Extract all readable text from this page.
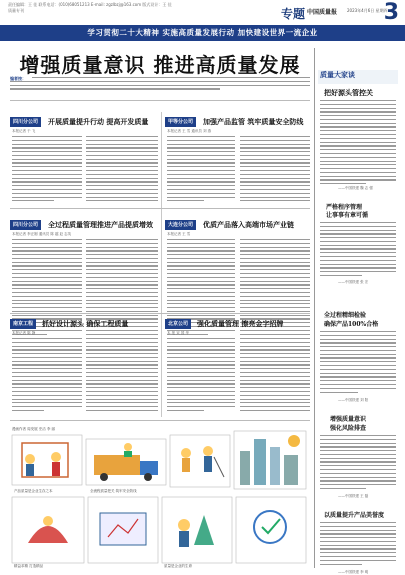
责任编辑：王 佳 联系电话：(010)68051213 E-mail: zgzlbzj@163.com 版式设计：王 佳
质量专刊	专题 中国质量报 2023年4月6日 星期四
3
学习贯彻二十大精神 实施高质量发展行动 加快建设世界一流企业
增强质量意识 推进高质量发展
编者按：
四川分公司	开展质量提升行动 提高开发质量
本报记者 于 飞
甲等分公司	加强产品监管 筑牢质量安全防线
本报记者 王 雪 通讯员 刘 燕
四川分公司	全过程质量管理推进产品提质增效
本报记者 李正刚 通讯员 陈 越 赵 志英
大连分公司	优质产品落入高端市场产业链
本报记者 王 雪
南京工程	抓好设计源头 确保工程质量
本报记者 陈 静
北京公司	强化质量管理 擦亮金字招牌
本 报 宋 国 华
漫画作者 周发展 史洁 李 丽
产品质量是企业生存之本	全流程质量把关 筑牢安全防线
精益求精 打造精品	质量是企业的生命
质量大家谈
把好源头管控关
——中国铁建 魏 志 强
严格程序管理
让事事有章可循
——中国铁建 张 宏
全过程精细检验
确保产品100%合格
——中国铁建 刘 阳
增强质量意识
强化风险排查
——中国铁建 王 磊
以质量提升产品美誉度
——中国铁建 李 明
